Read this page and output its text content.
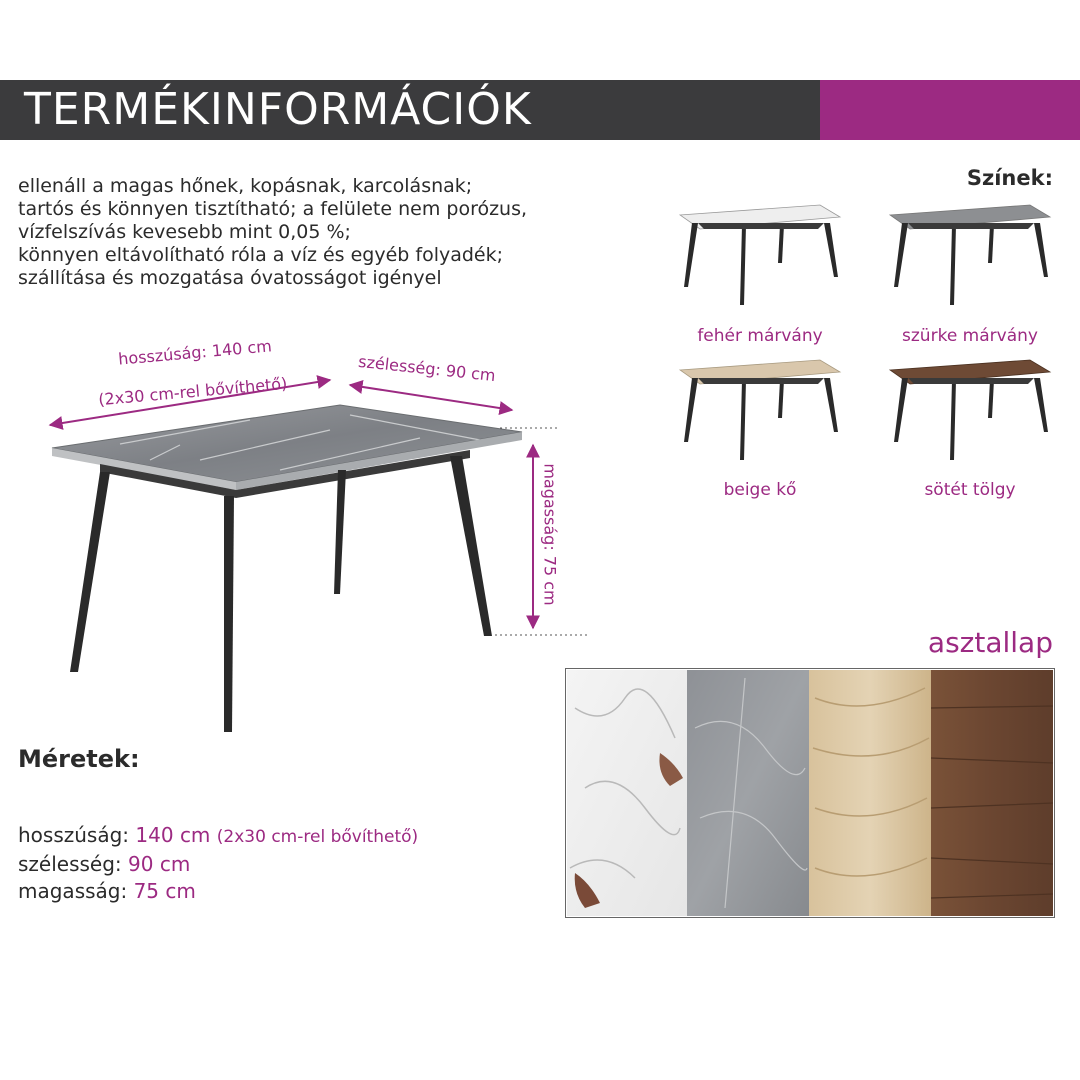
TERMÉKINFORMÁCIÓK
ellenáll a magas hőnek, kopásnak, karcolásnak;
tartós és könnyen tisztítható; a felülete nem porózus,
vízfelszívás kevesebb mint 0,05 %;
könnyen eltávolítható róla a víz és egyéb folyadék;
szállítása és mozgatása óvatosságot igényel
Színek:
fehér márvány	szürke márvány
beige kő	sötét tölgy
hosszúság: 140 cm
(2x30 cm-rel bővíthető)
szélesség: 90 cm
magasság: 75 cm
Méretek:
hosszúság: 140 cm (2x30 cm-rel bővíthető)
szélesség: 90 cm
magasság: 75 cm
asztallap
